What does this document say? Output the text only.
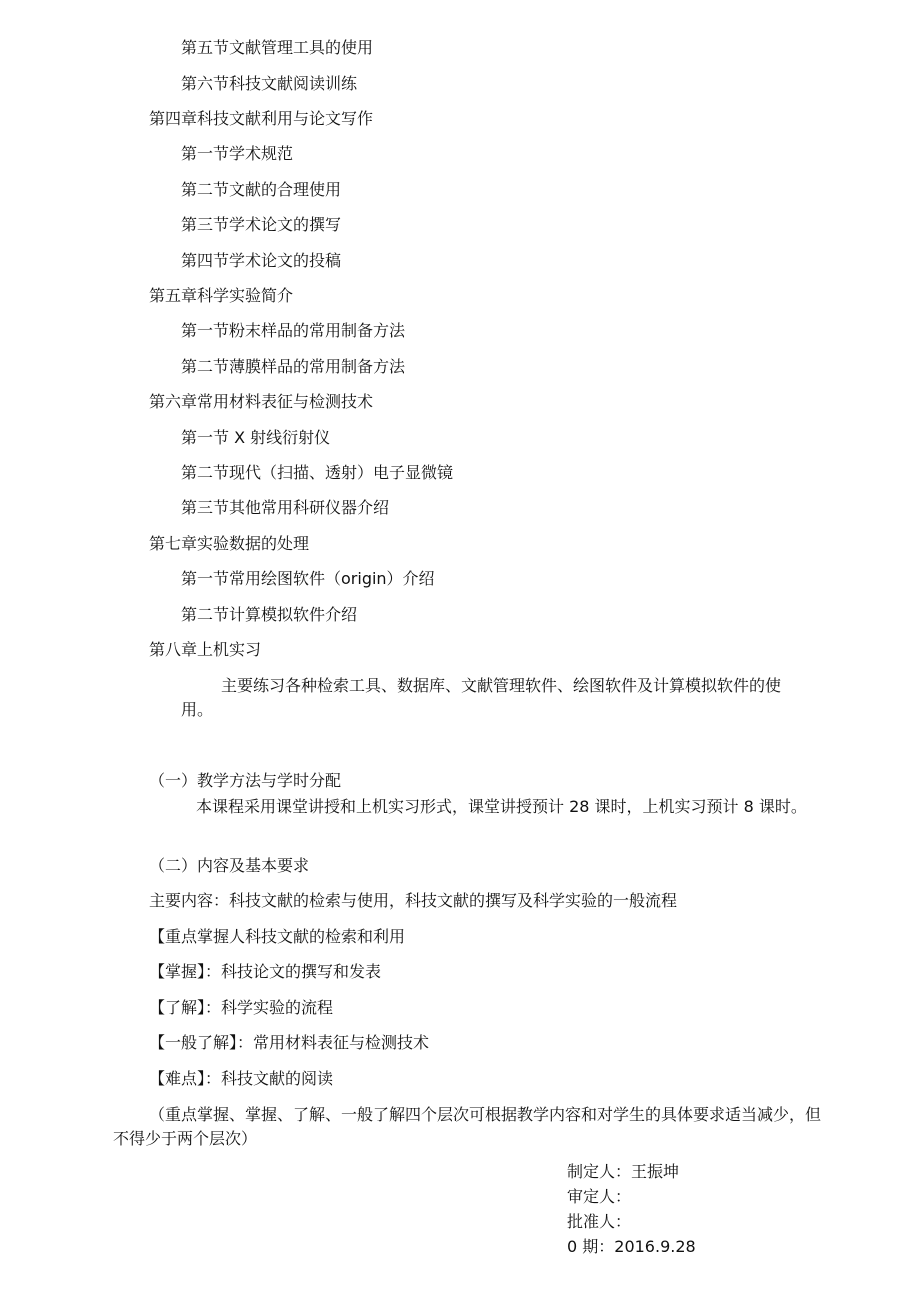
第五节文献管理工具的使用
第六节科技文献阅读训练
第四章科技文献利用与论文写作
第一节学术规范
第二节文献的合理使用
第三节学术论文的撰写
第四节学术论文的投稿
第五章科学实验简介
第一节粉末样品的常用制备方法
第二节薄膜样品的常用制备方法
第六章常用材料表征与检测技术
第一节 X 射线衍射仪
第二节现代（扫描、透射）电子显微镜
第三节其他常用科研仪器介绍
第七章实验数据的处理
第一节常用绘图软件（origin）介绍
第二节计算模拟软件介绍
第八章上机实习
主要练习各种检索工具、数据库、文献管理软件、绘图软件及计算模拟软件的使用。
（一）教学方法与学时分配
本课程采用课堂讲授和上机实习形式，课堂讲授预计 28 课时，上机实习预计 8 课时。
（二）内容及基本要求
主要内容：科技文献的检索与使用，科技文献的撰写及科学实验的一般流程
【重点掌握人科技文献的检索和利用
【掌握】：科技论文的撰写和发表
【了解】：科学实验的流程
【一般了解】：常用材料表征与检测技术
【难点】：科技文献的阅读
（重点掌握、掌握、了解、一般了解四个层次可根据教学内容和对学生的具体要求适当减少，但不得少于两个层次）
制定人：王振坤
审定人：
批准人：
0 期：2016.9.28
